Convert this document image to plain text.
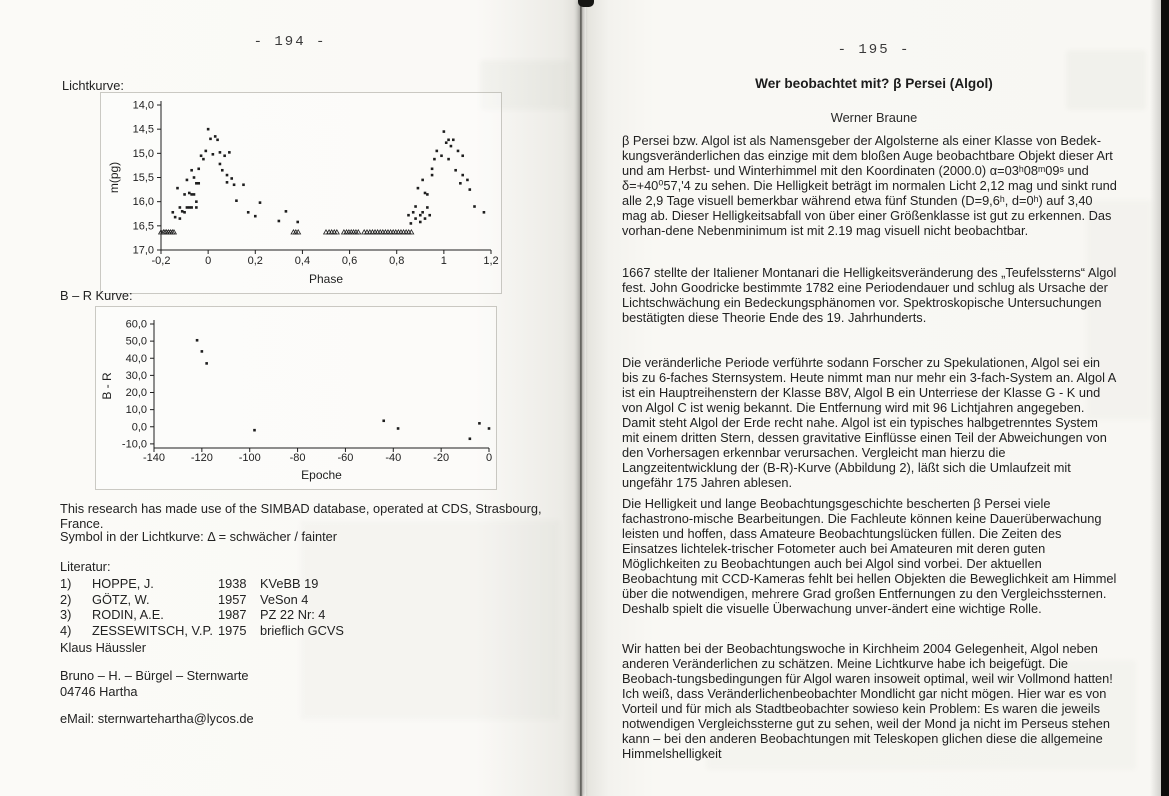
- 194 -
Lichtkurve:
14,0
14,5
15,0
15,5
16,0
16,5
17,0
-0,2	0	0,2	0,4	0,6	0,8	1	1,2
Phase
m(pg)
B – R Kurve:
60,0
50,0
40,0
30,0
20,0
10,0
0,0
-10,0
-140 -120 -100	-80	-60	-40	-20	0
Epoche
B - R
This research has made use of the SIMBAD database, operated at CDS, Strasbourg, France.
Symbol in der Lichtkurve: Δ = schwächer / fainter
Literatur:
1)	HOPPE, J.	1938	KVeBB 19
2)	GÖTZ, W.	1957	VeSon 4
3)	RODIN, A.E.	1987	PZ 22 Nr: 4
4)	ZESSEWITSCH, V.P. 1975	brieflich GCVS
Klaus Häussler
Bruno – H. – Bürgel – Sternwarte
04746 Hartha
eMail: sternwartehartha@lycos.de
- 195 -
Wer beobachtet mit? β Persei (Algol)
Werner Braune

β Persei bzw. Algol ist als Namensgeber der Algolsterne als einer Klasse von Bedek-kungsveränderlichen das einzige mit dem bloßen Auge beobachtbare Objekt dieser Art und am Herbst- und Winterhimmel mit den Koordinaten (2000.0) α=03ʰ08ᵐ09ˢ und δ=+40⁰57,'4 zu sehen. Die Helligkeit beträgt im normalen Licht 2,12 mag und sinkt rund alle 2,9 Tage visuell bemerkbar während etwa fünf Stunden (D=9,6ʰ, d=0ʰ) auf 3,40 mag ab. Dieser Helligkeitsabfall von über einer Größenklasse ist gut zu erkennen. Das vorhan-dene Nebenminimum ist mit 2.19 mag visuell nicht beobachtbar.

1667 stellte der Italiener Montanari die Helligkeitsveränderung des „Teufelssterns“ Algol fest. John Goodricke bestimmte 1782 eine Periodendauer und schlug als Ursache der Lichtschwächung ein Bedeckungsphänomen vor. Spektroskopische Untersuchungen bestätigten diese Theorie Ende des 19. Jahrhunderts.

Die veränderliche Periode verführte sodann Forscher zu Spekulationen, Algol sei ein bis zu 6-faches Sternsystem. Heute nimmt man nur mehr ein 3-fach-System an. Algol A ist ein Hauptreihenstern der Klasse B8V, Algol B ein Unterriese der Klasse G - K und von Algol C ist wenig bekannt. Die Entfernung wird mit 96 Lichtjahren angegeben. Damit steht Algol der Erde recht nahe. Algol ist ein typisches halbgetrenntes System mit einem dritten Stern, dessen gravitative Einflüsse einen Teil der Abweichungen von den Vorhersagen erkennbar verursachen. Vergleicht man hierzu die Langzeitentwicklung der (B-R)-Kurve (Abbildung 2), läßt sich die Umlaufzeit mit ungefähr 175 Jahren ablesen.

Die Helligkeit und lange Beobachtungsgeschichte bescherten β Persei viele fachastrono-mische Bearbeitungen. Die Fachleute können keine Dauerüberwachung leisten und hoffen, dass Amateure Beobachtungslücken füllen. Die Zeiten des Einsatzes lichtelek-trischer Fotometer auch bei Amateuren mit deren guten Möglichkeiten zu Beobachtungen auch bei Algol sind vorbei. Der aktuellen Beobachtung mit CCD-Kameras fehlt bei hellen Objekten die Beweglichkeit am Himmel über die notwendigen, mehrere Grad großen Entfernungen zu den Vergleichssternen. Deshalb spielt die visuelle Überwachung unver-ändert eine wichtige Rolle.

Wir hatten bei der Beobachtungswoche in Kirchheim 2004 Gelegenheit, Algol neben anderen Veränderlichen zu schätzen. Meine Lichtkurve habe ich beigefügt. Die Beobach-tungsbedingungen für Algol waren insoweit optimal, weil wir Vollmond hatten! Ich weiß, dass Veränderlichenbeobachter Mondlicht gar nicht mögen. Hier war es von Vorteil und für mich als Stadtbeobachter sowieso kein Problem: Es waren die jeweils notwendigen Vergleichssterne gut zu sehen, weil der Mond ja nicht im Perseus stehen kann – bei den anderen Beobachtungen mit Teleskopen glichen diese die allgemeine Himmelshelligkeit
